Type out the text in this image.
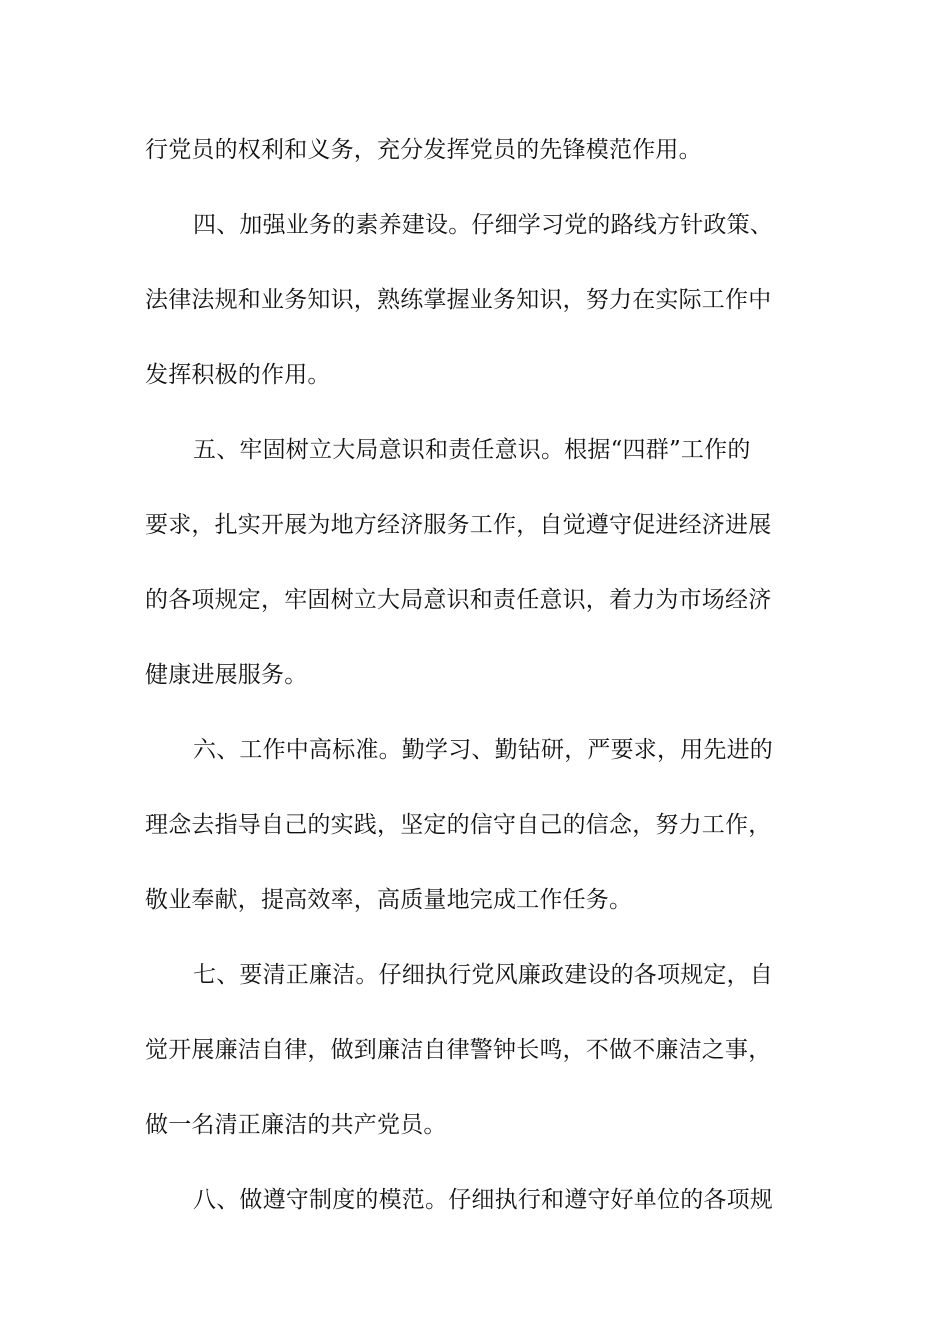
行党员的权利和义务，充分发挥党员的先锋模范作用。
四、加强业务的素养建设。仔细学习党的路线方针政策、
法律法规和业务知识，熟练掌握业务知识，努力在实际工作中
发挥积极的作用。
五、牢固树立大局意识和责任意识。根据“四群”工作的
要求，扎实开展为地方经济服务工作，自觉遵守促进经济进展
的各项规定，牢固树立大局意识和责任意识，着力为市场经济
健康进展服务。
六、工作中高标准。勤学习、勤钻研，严要求，用先进的
理念去指导自己的实践，坚定的信守自己的信念，努力工作，
敬业奉献，提高效率，高质量地完成工作任务。
七、要清正廉洁。仔细执行党风廉政建设的各项规定，自
觉开展廉洁自律，做到廉洁自律警钟长鸣，不做不廉洁之事，
做一名清正廉洁的共产党员。
八、做遵守制度的模范。仔细执行和遵守好单位的各项规
